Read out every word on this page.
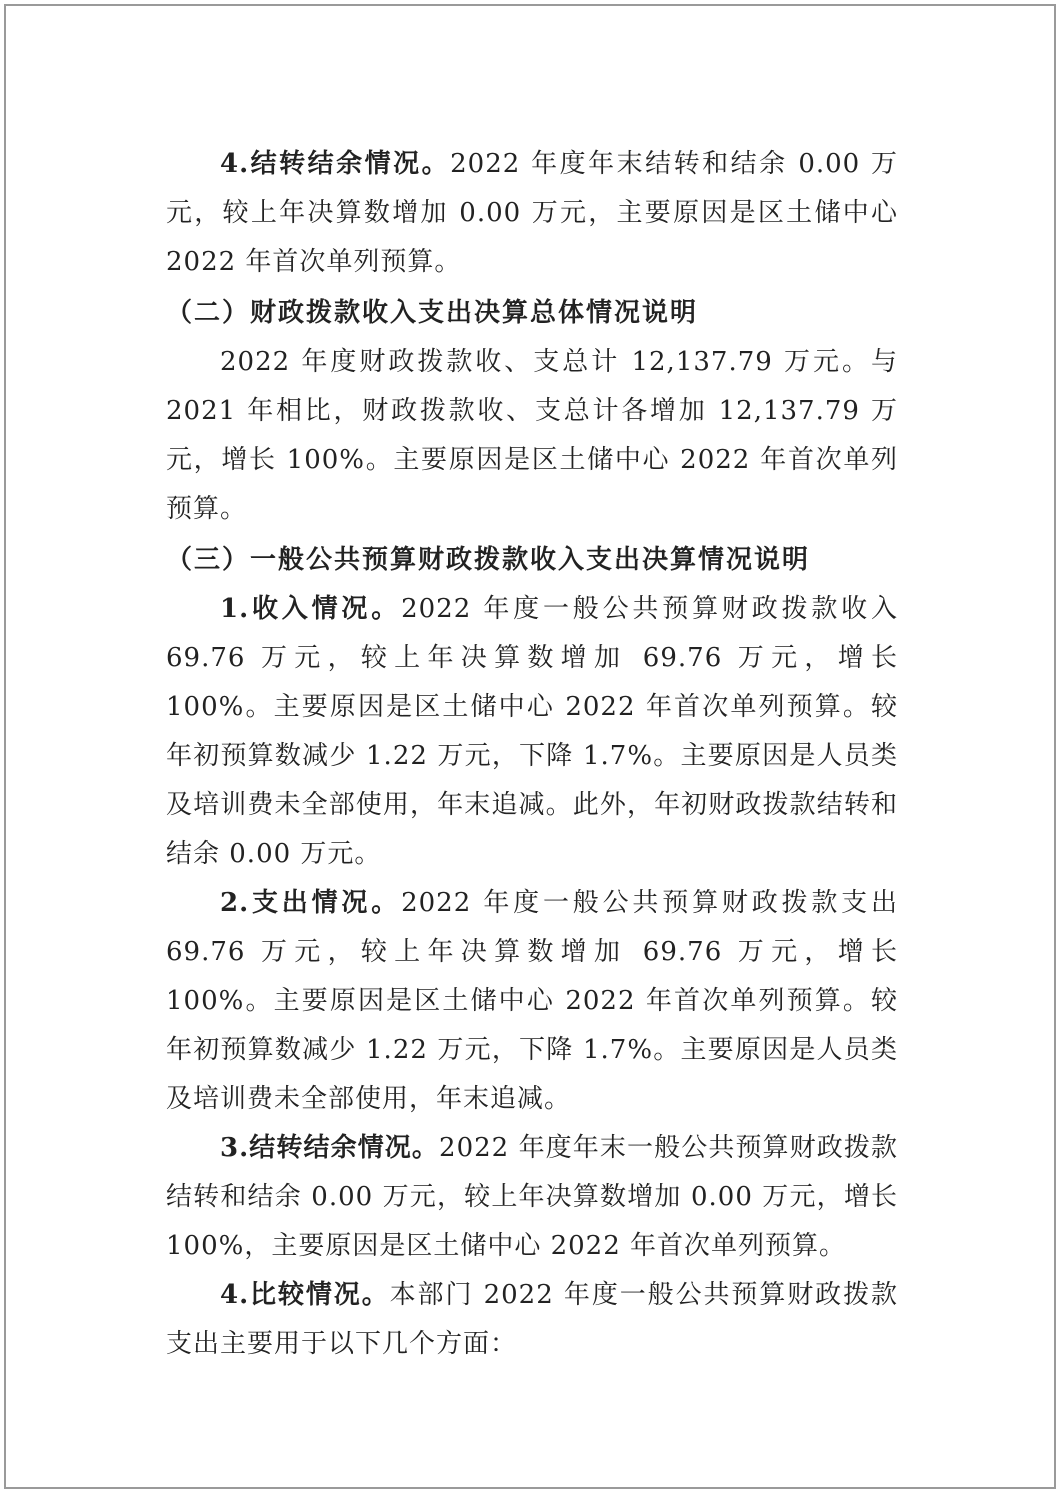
4.结转结余情况。2022 年度年末结转和结余 0.00 万元，较上年决算数增加 0.00 万元，主要原因是区土储中心 2022 年首次单列预算。

（二）财政拨款收入支出决算总体情况说明

2022 年度财政拨款收、支总计 12,137.79 万元。与 2021 年相比，财政拨款收、支总计各增加 12,137.79 万元，增长 100%。主要原因是区土储中心 2022 年首次单列预算。

（三）一般公共预算财政拨款收入支出决算情况说明

1.收入情况。2022 年度一般公共预算财政拨款收入 69.76 万元，较上年决算数增加 69.76 万元，增长 100%。主要原因是区土储中心 2022 年首次单列预算。较年初预算数减少 1.22 万元，下降 1.7%。主要原因是人员类及培训费未全部使用，年末追减。此外，年初财政拨款结转和结余 0.00 万元。

2.支出情况。2022 年度一般公共预算财政拨款支出 69.76 万元，较上年决算数增加 69.76 万元，增长 100%。主要原因是区土储中心 2022 年首次单列预算。较年初预算数减少 1.22 万元，下降 1.7%。主要原因是人员类及培训费未全部使用，年末追减。

3.结转结余情况。2022 年度年末一般公共预算财政拨款结转和结余 0.00 万元，较上年决算数增加 0.00 万元，增长 100%，主要原因是区土储中心 2022 年首次单列预算。

4.比较情况。本部门 2022 年度一般公共预算财政拨款支出主要用于以下几个方面：
